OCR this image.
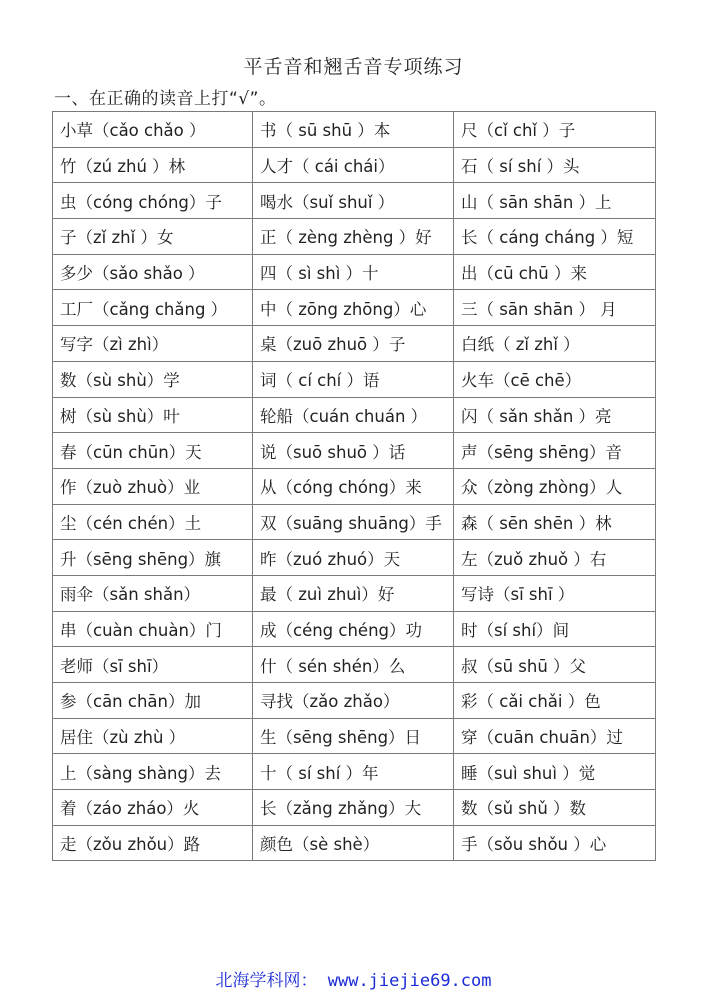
平舌音和翘舌音专项练习
一、在正确的读音上打“√”。
小草（cǎo chǎo ）	书（ sū shū ）本	尺（cǐ chǐ ）子
竹（zú zhú ）林	人才（ cái chái）	石（ sí shí ）头
虫（cóng chóng）子	喝水（suǐ shuǐ ）	山（ sān shān ）上
子（zǐ zhǐ ）女	正（ zèng zhèng ）好	长（ cáng cháng ）短
多少（sǎo shǎo ）	四（ sì shì ）十	出（cū chū ）来
工厂（cǎng chǎng ）	中（ zōng zhōng）心	三（ sān shān ） 月
写字（zì zhì）	桌（zuō zhuō ）子	白纸（ zǐ zhǐ ）
数（sù shù）学	词（ cí chí ）语	火车（cē chē）
树（sù shù）叶	轮船（cuán chuán ）	闪（ sǎn shǎn ）亮
春（cūn chūn）天	说（suō shuō ）话	声（sēng shēng）音
作（zuò zhuò）业	从（cóng chóng）来	众（zòng zhòng）人
尘（cén chén）土	双（suāng shuāng）手	森（ sēn shēn ）林
升（sēng shēng）旗	昨（zuó zhuó）天	左（zuǒ zhuǒ ）右
雨伞（sǎn shǎn）	最（ zuì zhuì）好	写诗（sī shī ）
串（cuàn chuàn）门	成（céng chéng）功	时（sí shí）间
老师（sī shī）	什（ sén shén）么	叔（sū shū ）父
参（cān chān）加	寻找（zǎo zhǎo）	彩（ cǎi chǎi ）色
居住（zù zhù ）	生（sēng shēng）日	穿（cuān chuān）过
上（sàng shàng）去	十（ sí shí ）年	睡（suì shuì ）觉
着（záo zháo）火	长（zǎng zhǎng）大	数（sǔ shǔ ）数
走（zǒu zhǒu）路	颜色（sè shè）	手（sǒu shǒu ）心
北海学科网： www.jiejie69.com
